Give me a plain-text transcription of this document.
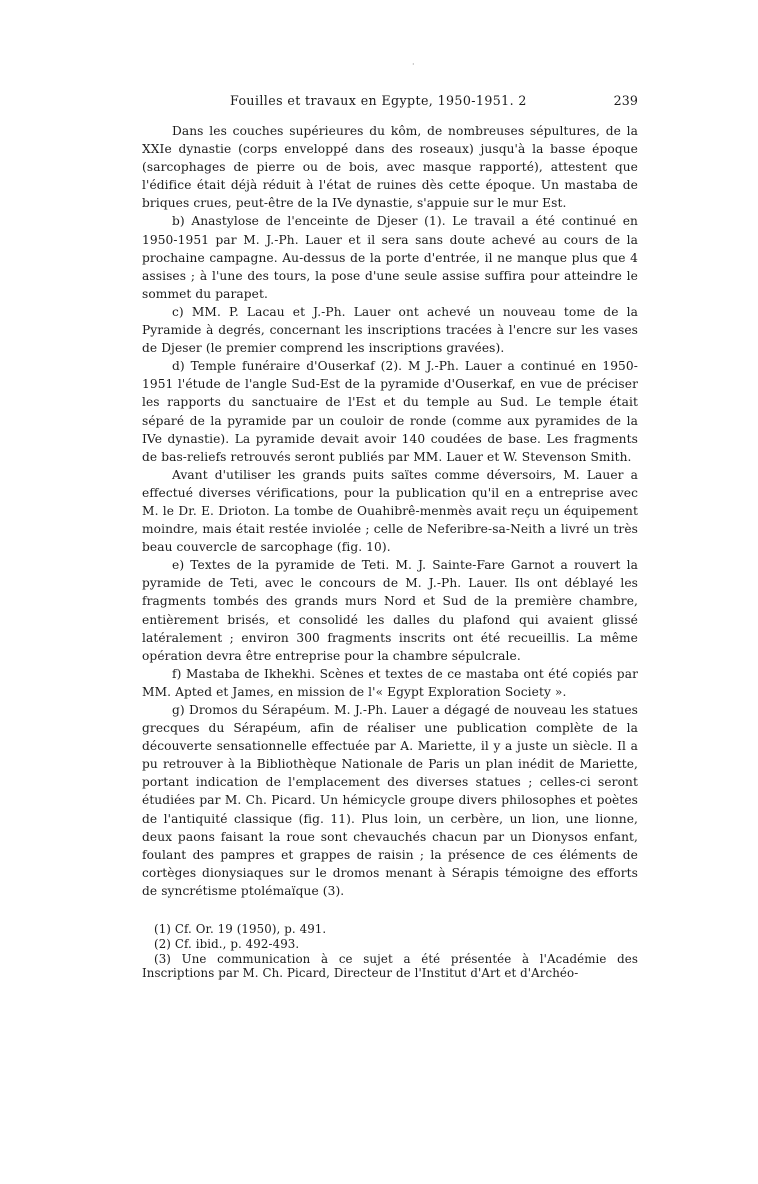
·
Fouilles et travaux en Egypte, 1950-1951. 2	239

Dans les couches supérieures du kôm, de nombreuses sépultures, de la XXIe dynastie (corps enveloppé dans des roseaux) jusqu'à la basse époque (sarcophages de pierre ou de bois, avec masque rapporté), attestent que l'édifice était déjà réduit à l'état de ruines dès cette époque. Un mastaba de briques crues, peut-être de la IVe dynastie, s'appuie sur le mur Est.

b) Anastylose de l'enceinte de Djeser (1). Le travail a été continué en 1950-1951 par M. J.-Ph. Lauer et il sera sans doute achevé au cours de la prochaine campagne. Au-dessus de la porte d'entrée, il ne manque plus que 4 assises ; à l'une des tours, la pose d'une seule assise suffira pour atteindre le sommet du parapet.

c) MM. P. Lacau et J.-Ph. Lauer ont achevé un nouveau tome de la Pyramide à degrés, concernant les inscriptions tracées à l'encre sur les vases de Djeser (le premier comprend les inscriptions gravées).

d) Temple funéraire d'Ouserkaf (2). M J.-Ph. Lauer a continué en 1950-1951 l'étude de l'angle Sud-Est de la pyramide d'Ouserkaf, en vue de préciser les rapports du sanctuaire de l'Est et du temple au Sud. Le temple était séparé de la pyramide par un couloir de ronde (comme aux pyramides de la IVe dynastie). La pyramide devait avoir 140 coudées de base. Les fragments de bas-reliefs retrouvés seront publiés par MM. Lauer et W. Stevenson Smith.

Avant d'utiliser les grands puits saïtes comme déversoirs, M. Lauer a effectué diverses vérifications, pour la publication qu'il en a entreprise avec M. le Dr. E. Drioton. La tombe de Ouahibrê-menmès avait reçu un équipement moindre, mais était restée inviolée ; celle de Neferibre-sa-Neith a livré un très beau couvercle de sarcophage (fig. 10).

e) Textes de la pyramide de Teti. M. J. Sainte-Fare Garnot a rouvert la pyramide de Teti, avec le concours de M. J.-Ph. Lauer. Ils ont déblayé les fragments tombés des grands murs Nord et Sud de la première chambre, entièrement brisés, et consolidé les dalles du plafond qui avaient glissé latéralement ; environ 300 fragments inscrits ont été recueillis. La même opération devra être entreprise pour la chambre sépulcrale.

f) Mastaba de Ikhekhi. Scènes et textes de ce mastaba ont été copiés par MM. Apted et James, en mission de l'« Egypt Exploration Society ».

g) Dromos du Sérapéum. M. J.-Ph. Lauer a dégagé de nouveau les statues grecques du Sérapéum, afin de réaliser une publication complète de la découverte sensationnelle effectuée par A. Mariette, il y a juste un siècle. Il a pu retrouver à la Bibliothèque Nationale de Paris un plan inédit de Mariette, portant indication de l'emplacement des diverses statues ; celles-ci seront étudiées par M. Ch. Picard. Un hémicycle groupe divers philosophes et poètes de l'antiquité classique (fig. 11). Plus loin, un cerbère, un lion, une lionne, deux paons faisant la roue sont chevauchés chacun par un Dionysos enfant, foulant des pampres et grappes de raisin ; la présence de ces éléments de cortèges dionysiaques sur le dromos menant à Sérapis témoigne des efforts de syncrétisme ptolémaïque (3).

(1) Cf. Or. 19 (1950), p. 491.

(2) Cf. ibid., p. 492-493.

(3) Une communication à ce sujet a été présentée à l'Académie des Inscriptions par M. Ch. Picard, Directeur de l'Institut d'Art et d'Archéo-
